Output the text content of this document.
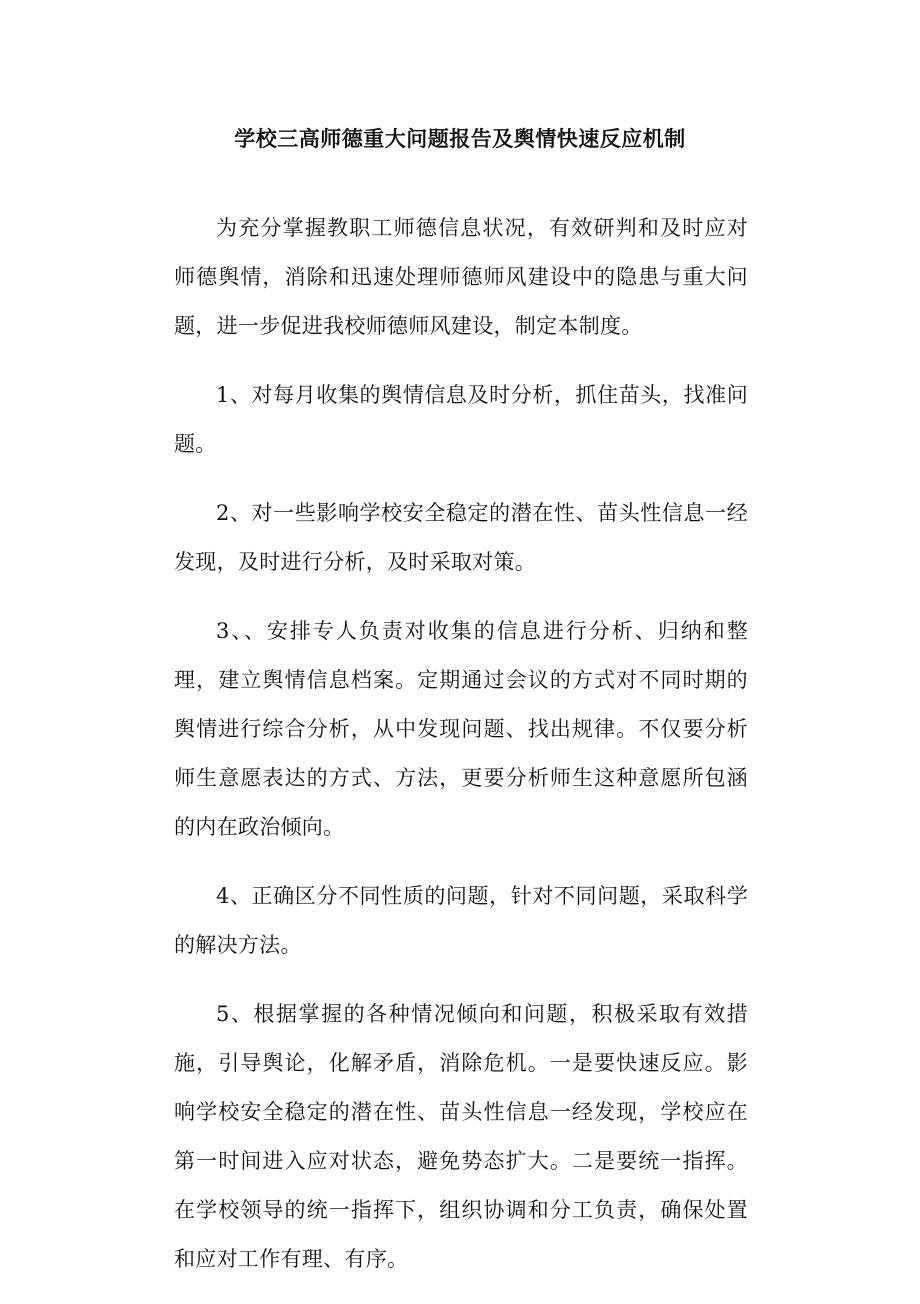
学校三高师德重大问题报告及舆情快速反应机制

为充分掌握教职工师德信息状况，有效研判和及时应对师德舆情，消除和迅速处理师德师风建设中的隐患与重大问题，进一步促进我校师德师风建设，制定本制度。

1、对每月收集的舆情信息及时分析，抓住苗头，找准问题。

2、对一些影响学校安全稳定的潜在性、苗头性信息一经发现，及时进行分析，及时采取对策。

3、、安排专人负责对收集的信息进行分析、归纳和整理，建立舆情信息档案。定期通过会议的方式对不同时期的舆情进行综合分析，从中发现问题、找出规律。不仅要分析师生意愿表达的方式、方法，更要分析师生这种意愿所包涵的内在政治倾向。

4、正确区分不同性质的问题，针对不同问题，采取科学的解决方法。

5、根据掌握的各种情况倾向和问题，积极采取有效措施，引导舆论，化解矛盾，消除危机。一是要快速反应。影响学校安全稳定的潜在性、苗头性信息一经发现，学校应在第一时间进入应对状态，避免势态扩大。二是要统一指挥。在学校领导的统一指挥下，组织协调和分工负责，确保处置和应对工作有理、有序。
